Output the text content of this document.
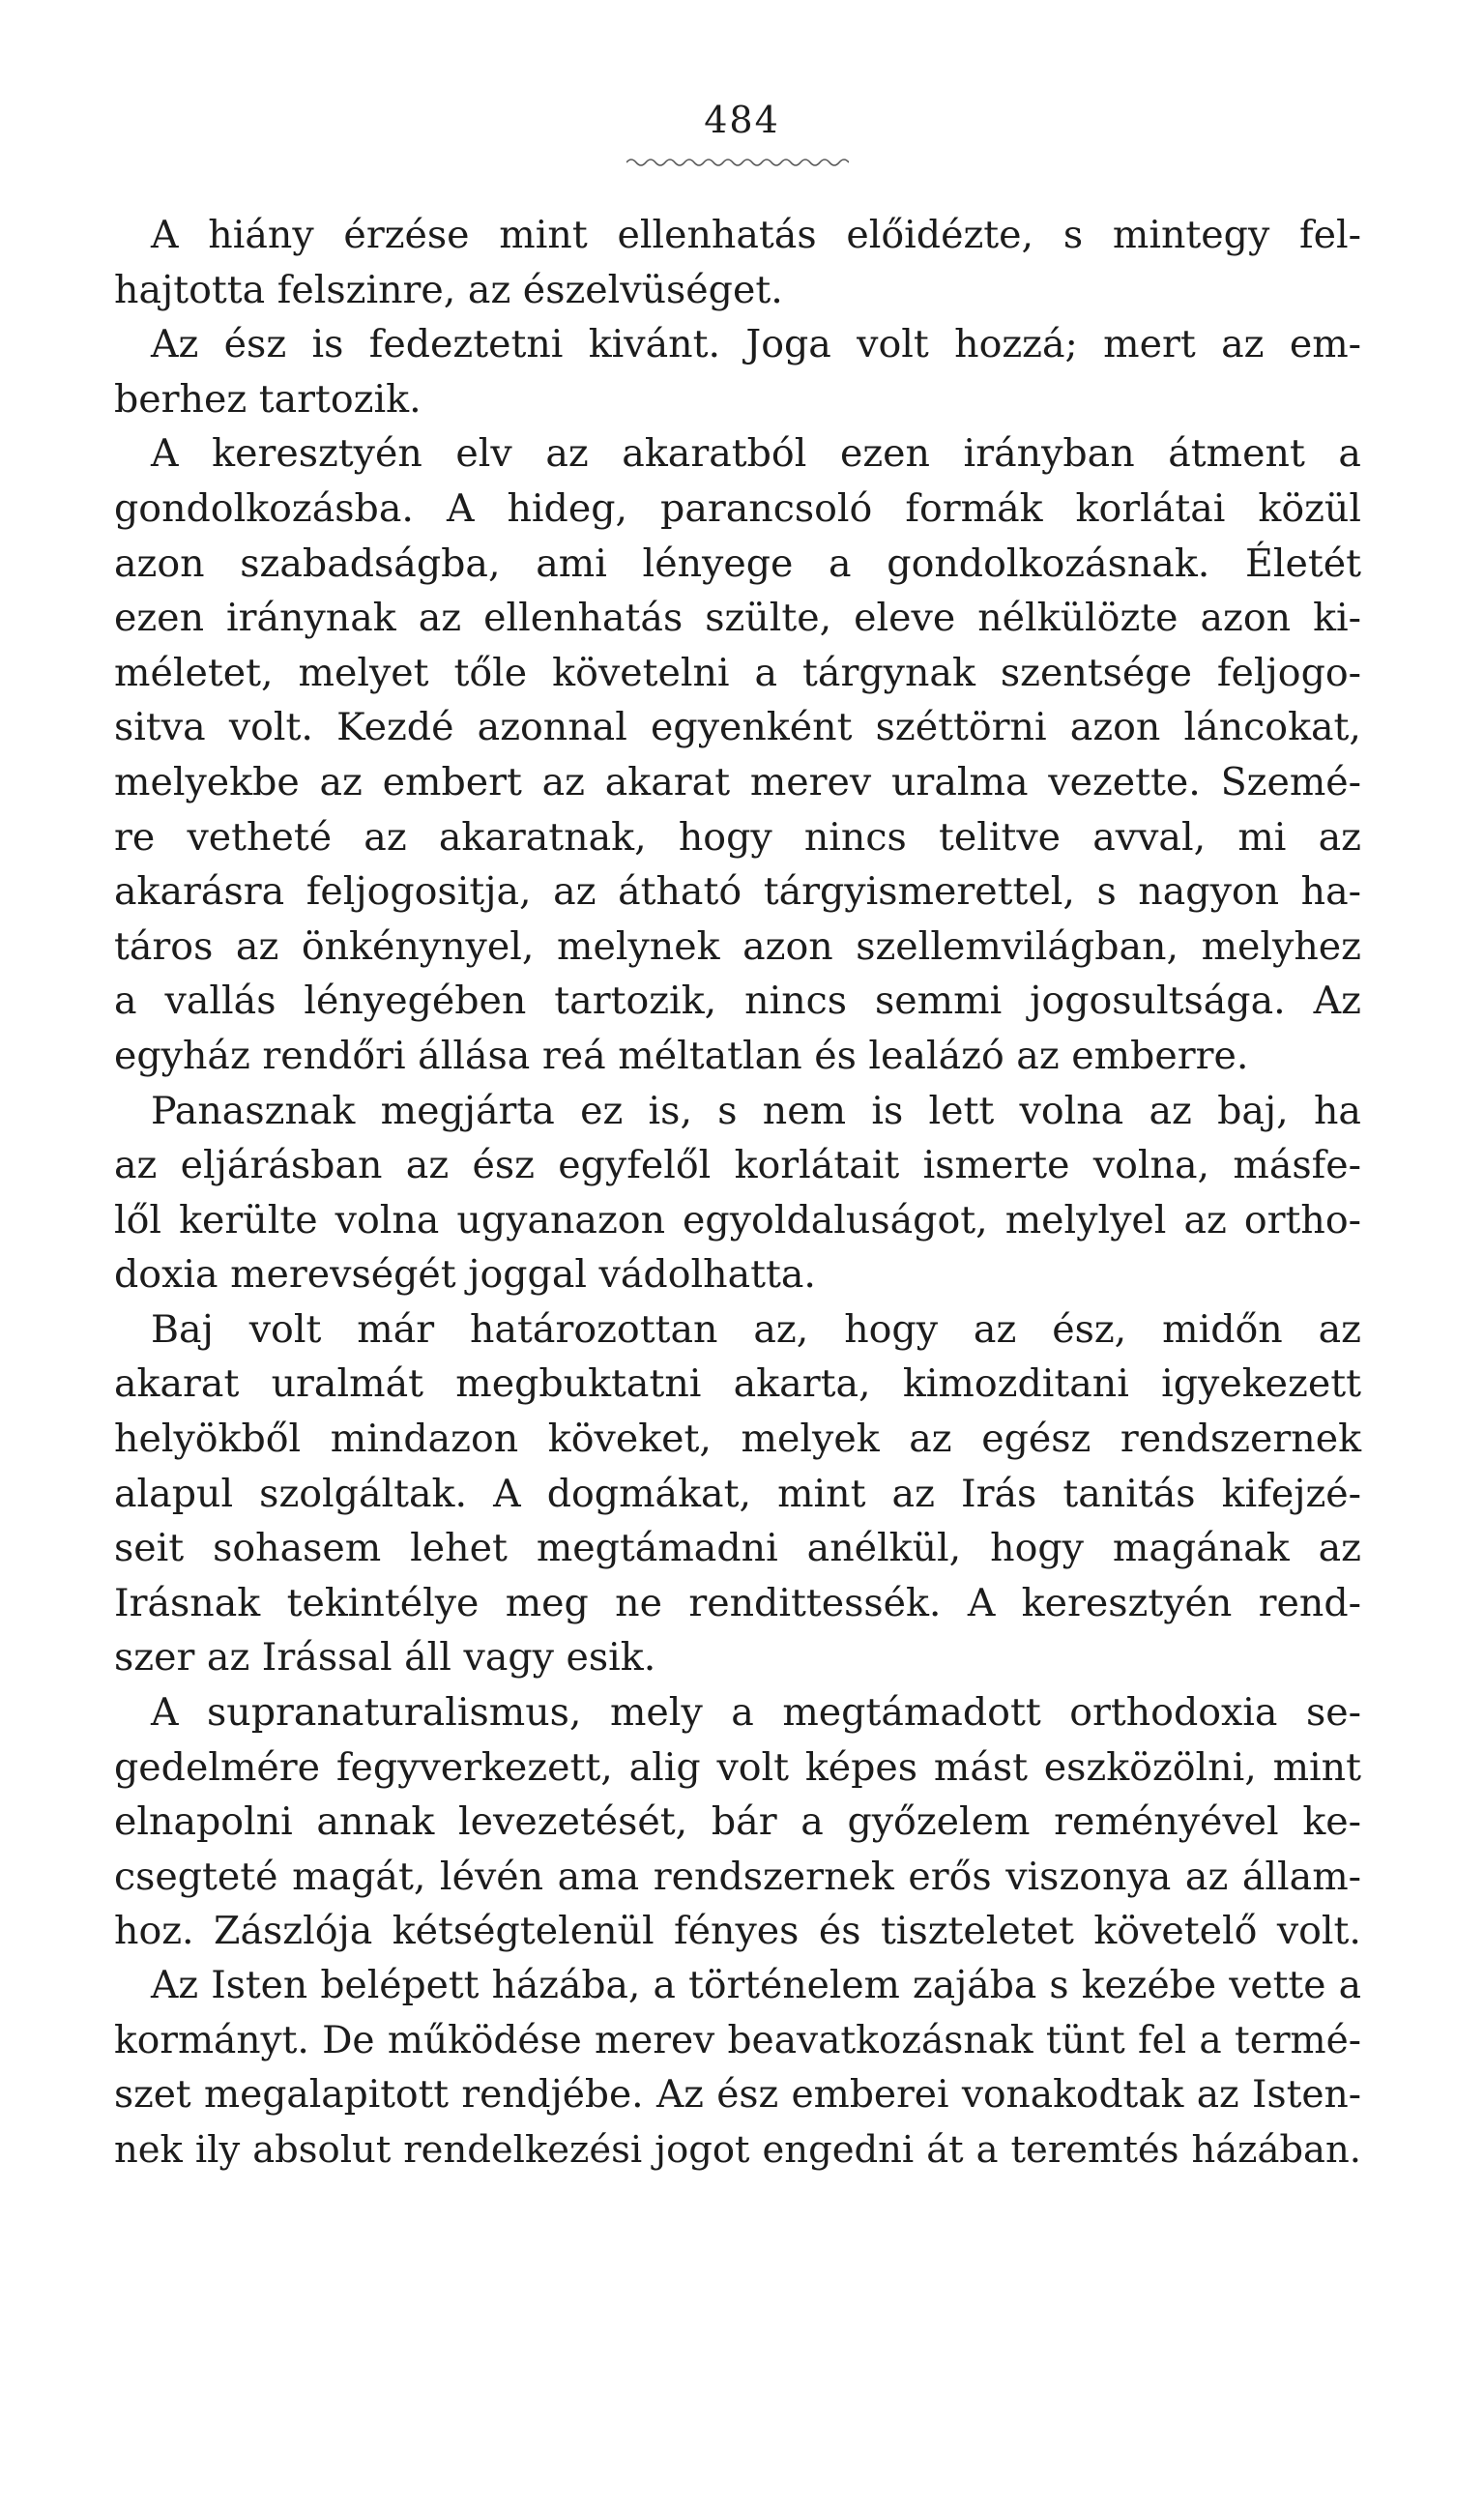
484
A hiány érzése mint ellenhatás előidézte, s mintegy fel-
hajtotta felszinre, az észelvüséget.
Az ész is fedeztetni kivánt. Joga volt hozzá; mert az em-
berhez tartozik.
A keresztyén elv az akaratból ezen irányban átment a
gondolkozásba. A hideg, parancsoló formák korlátai közül
azon szabadságba, ami lényege a gondolkozásnak. Életét
ezen iránynak az ellenhatás szülte, eleve nélkülözte azon ki-
méletet, melyet tőle követelni a tárgynak szentsége feljogo-
sitva volt. Kezdé azonnal egyenként széttörni azon láncokat,
melyekbe az embert az akarat merev uralma vezette. Szemé-
re vetheté az akaratnak, hogy nincs telitve avval, mi az
akarásra feljogositja, az átható tárgyismerettel, s nagyon ha-
táros az önkénynyel, melynek azon szellemvilágban, melyhez
a vallás lényegében tartozik, nincs semmi jogosultsága. Az
egyház rendőri állása reá méltatlan és lealázó az emberre.
Panasznak megjárta ez is, s nem is lett volna az baj, ha
az eljárásban az ész egyfelől korlátait ismerte volna, másfe-
lől kerülte volna ugyanazon egyoldaluságot, melylyel az ortho-
doxia merevségét joggal vádolhatta.
Baj volt már határozottan az, hogy az ész, midőn az
akarat uralmát megbuktatni akarta, kimozditani igyekezett
helyökből mindazon köveket, melyek az egész rendszernek
alapul szolgáltak. A dogmákat, mint az Irás tanitás kifejzé-
seit sohasem lehet megtámadni anélkül, hogy magának az
Irásnak tekintélye meg ne rendittessék. A keresztyén rend-
szer az Irással áll vagy esik.
A supranaturalismus, mely a megtámadott orthodoxia se-
gedelmére fegyverkezett, alig volt képes mást eszközölni, mint
elnapolni annak levezetését, bár a győzelem reményével ke-
csegteté magát, lévén ama rendszernek erős viszonya az állam-
hoz. Zászlója kétségtelenül fényes és tiszteletet követelő volt.
Az Isten belépett házába, a történelem zajába s kezébe vette a
kormányt. De működése merev beavatkozásnak tünt fel a termé-
szet megalapitott rendjébe. Az ész emberei vonakodtak az Isten-
nek ily absolut rendelkezési jogot engedni át a teremtés házában.
